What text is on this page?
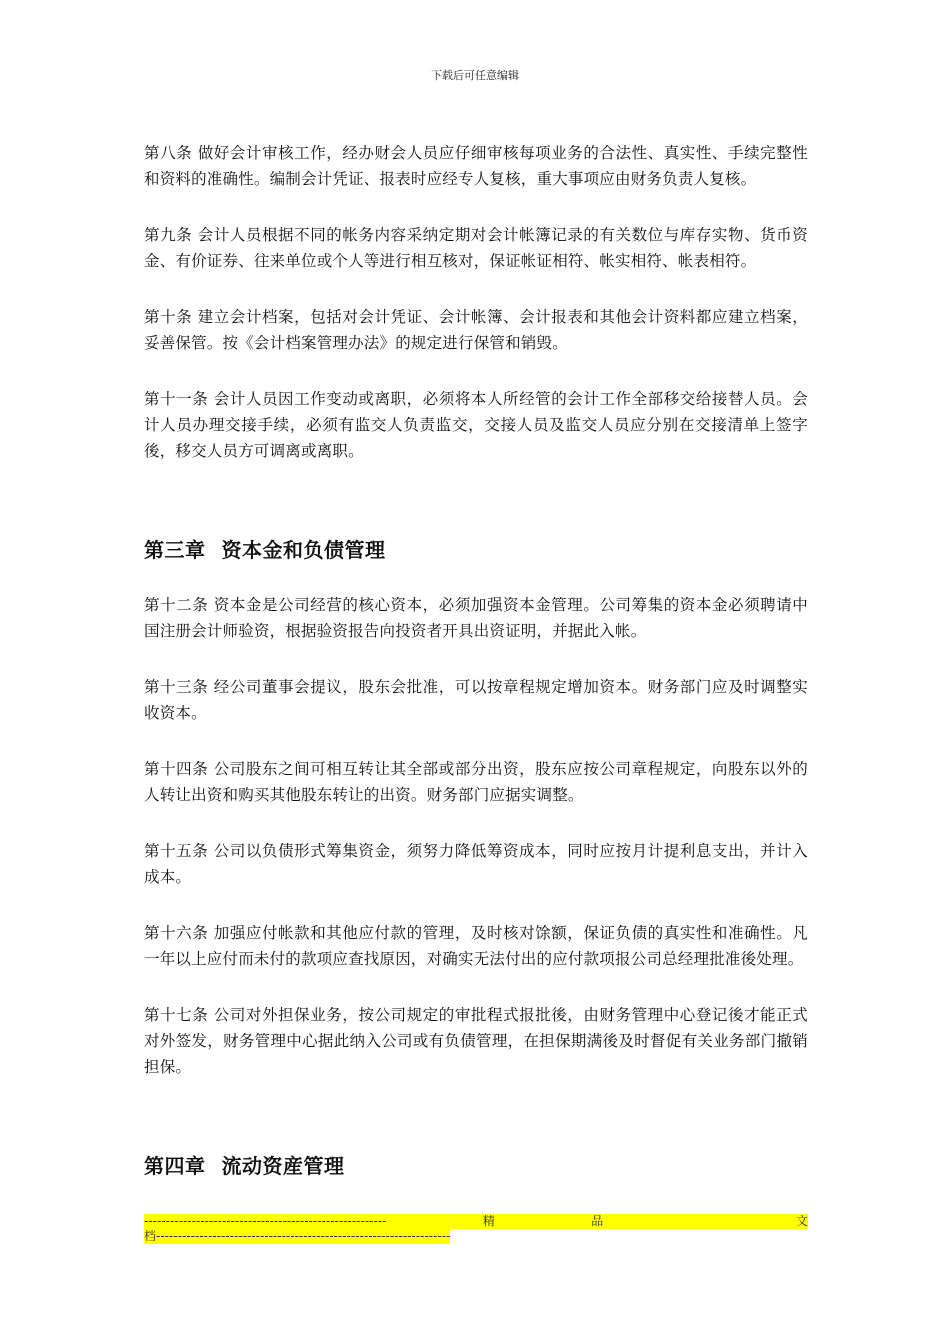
下载后可任意编辑

第八条 做好会计审核工作，经办财会人员应仔细审核每项业务的合法性、真实性、手续完整性和资料的准确性。编制会计凭证、报表时应经专人复核，重大事项应由财务负责人复核。

第九条 会计人员根据不同的帐务内容采纳定期对会计帐簿记录的有关数位与库存实物、货币资金、有价证券、往来单位或个人等进行相互核对，保证帐证相符、帐实相符、帐表相符。

第十条 建立会计档案，包括对会计凭证、会计帐簿、会计报表和其他会计资料都应建立档案，妥善保管。按《会计档案管理办法》的规定进行保管和销毁。

第十一条 会计人员因工作变动或离职，必须将本人所经管的会计工作全部移交给接替人员。会计人员办理交接手续，必须有监交人负责监交，交接人员及监交人员应分别在交接清单上签字後，移交人员方可调离或离职。

第三章 资本金和负债管理

第十二条 资本金是公司经营的核心资本，必须加强资本金管理。公司筹集的资本金必须聘请中国注册会计师验资，根据验资报告向投资者开具出资证明，并据此入帐。

第十三条 经公司董事会提议，股东会批准，可以按章程规定增加资本。财务部门应及时调整实收资本。

第十四条 公司股东之间可相互转让其全部或部分出资，股东应按公司章程规定，向股东以外的人转让出资和购买其他股东转让的出资。财务部门应据实调整。

第十五条 公司以负债形式筹集资金，须努力降低筹资成本，同时应按月计提利息支出，并计入成本。

第十六条 加强应付帐款和其他应付款的管理，及时核对馀额，保证负债的真实性和准确性。凡一年以上应付而未付的款项应查找原因，对确实无法付出的应付款项报公司总经理批准後处理。

第十七条 公司对外担保业务，按公司规定的审批程式报批後，由财务管理中心登记後才能正式对外签发，财务管理中心据此纳入公司或有负债管理，在担保期满後及时督促有关业务部门撤销担保。

第四章 流动资産管理
--------------------------------------------------------	精	品	文
档--------------------------------------------------------------------
